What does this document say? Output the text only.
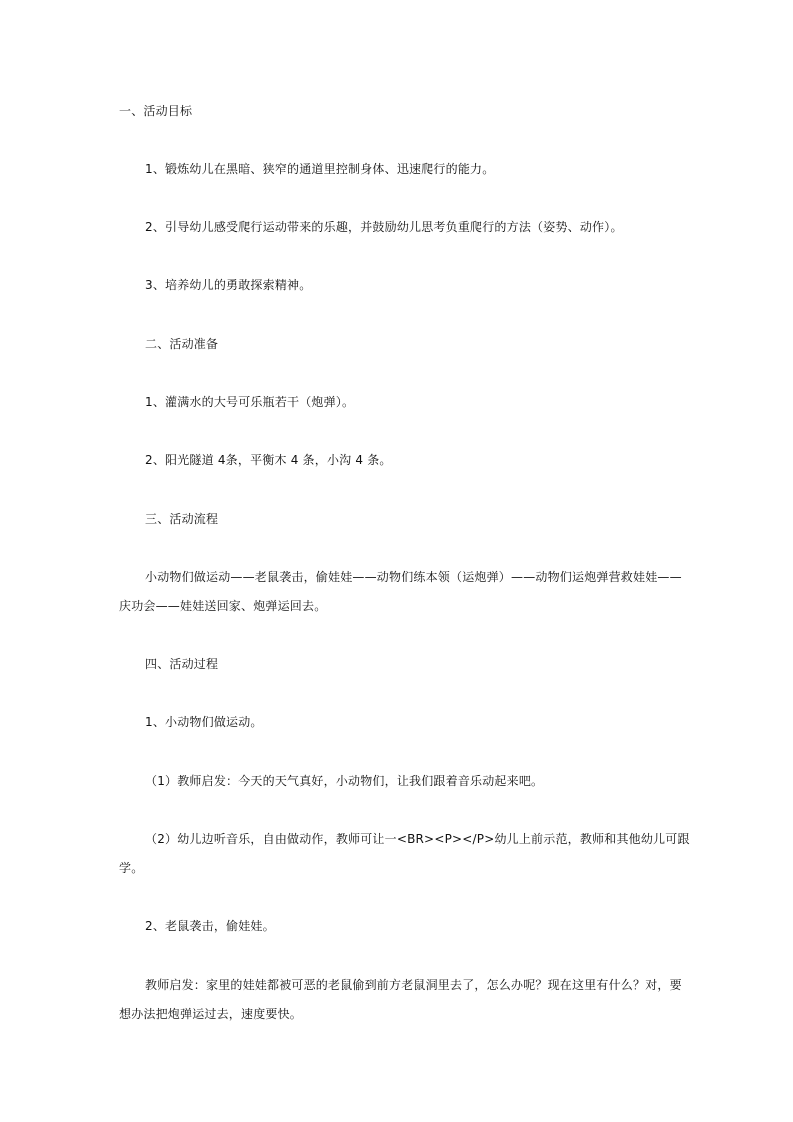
一、活动目标
1、锻炼幼儿在黑暗、狭窄的通道里控制身体、迅速爬行的能力。
2、引导幼儿感受爬行运动带来的乐趣，并鼓励幼儿思考负重爬行的方法（姿势、动作）。
3、培养幼儿的勇敢探索精神。
二、活动准备
1、灌满水的大号可乐瓶若干（炮弹）。
2、阳光隧道 4条，平衡木 4 条，小沟 4 条。
三、活动流程
小动物们做运动——老鼠袭击，偷娃娃——动物们练本领（运炮弹）——动物们运炮弹营救娃娃——
庆功会——娃娃送回家、炮弹运回去。
四、活动过程
1、小动物们做运动。
（1）教师启发：今天的天气真好，小动物们，让我们跟着音乐动起来吧。
（2）幼儿边听音乐，自由做动作，教师可让一<BR><P></P>幼儿上前示范，教师和其他幼儿可跟
学。
2、老鼠袭击，偷娃娃。
教师启发：家里的娃娃都被可恶的老鼠偷到前方老鼠洞里去了，怎么办呢？现在这里有什么？对，要
想办法把炮弹运过去，速度要快。
